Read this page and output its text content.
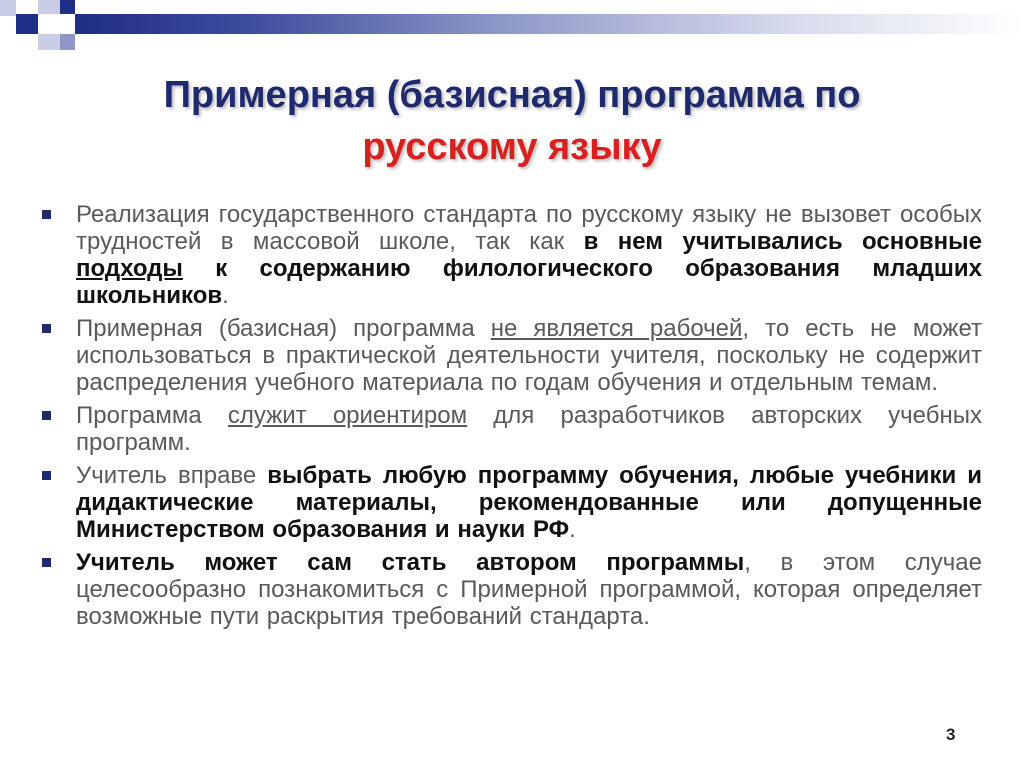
Примерная (базисная) программа по
русскому языку
Реализация государственного стандарта по русскому языку не вызовет особых трудностей в массовой школе, так как в нем учитывались основные подходы к содержанию филологического образования младших школьников.
Примерная (базисная) программа не является рабочей, то есть не может использоваться в практической деятельности учителя, поскольку не содержит распределения учебного материала по годам обучения и отдельным темам.
Программа служит ориентиром для разработчиков авторских учебных программ.
Учитель вправе выбрать любую программу обучения, любые учебники и дидактические материалы, рекомендованные или допущенные Министерством образования и науки РФ.
Учитель может сам стать автором программы, в этом случае целесообразно познакомиться с Примерной программой, которая определяет возможные пути раскрытия требований стандарта.
3
